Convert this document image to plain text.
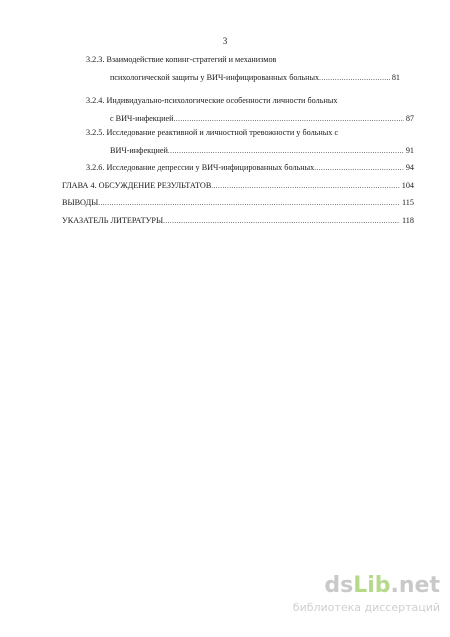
3
3.2.3. Взаимодействие копинг-стратегий и механизмов
психологической защиты у ВИЧ-инфицированных больных .....	81
3.2.4. Индивидуально-психологические особенности личности больных
с ВИЧ-инфекцией .....	87
3.2.5. Исследование реактивной и личностной тревожности у больных с
ВИЧ-инфекцией .....	91
3.2.6. Исследование депрессии у ВИЧ-инфицированных больных .....	94
ГЛАВА 4. ОБСУЖДЕНИЕ РЕЗУЛЬТАТОВ .....	104
ВЫВОДЫ .....	115
УКАЗАТЕЛЬ ЛИТЕРАТУРЫ .....	118
dsLib.net
библиотека диссертаций
